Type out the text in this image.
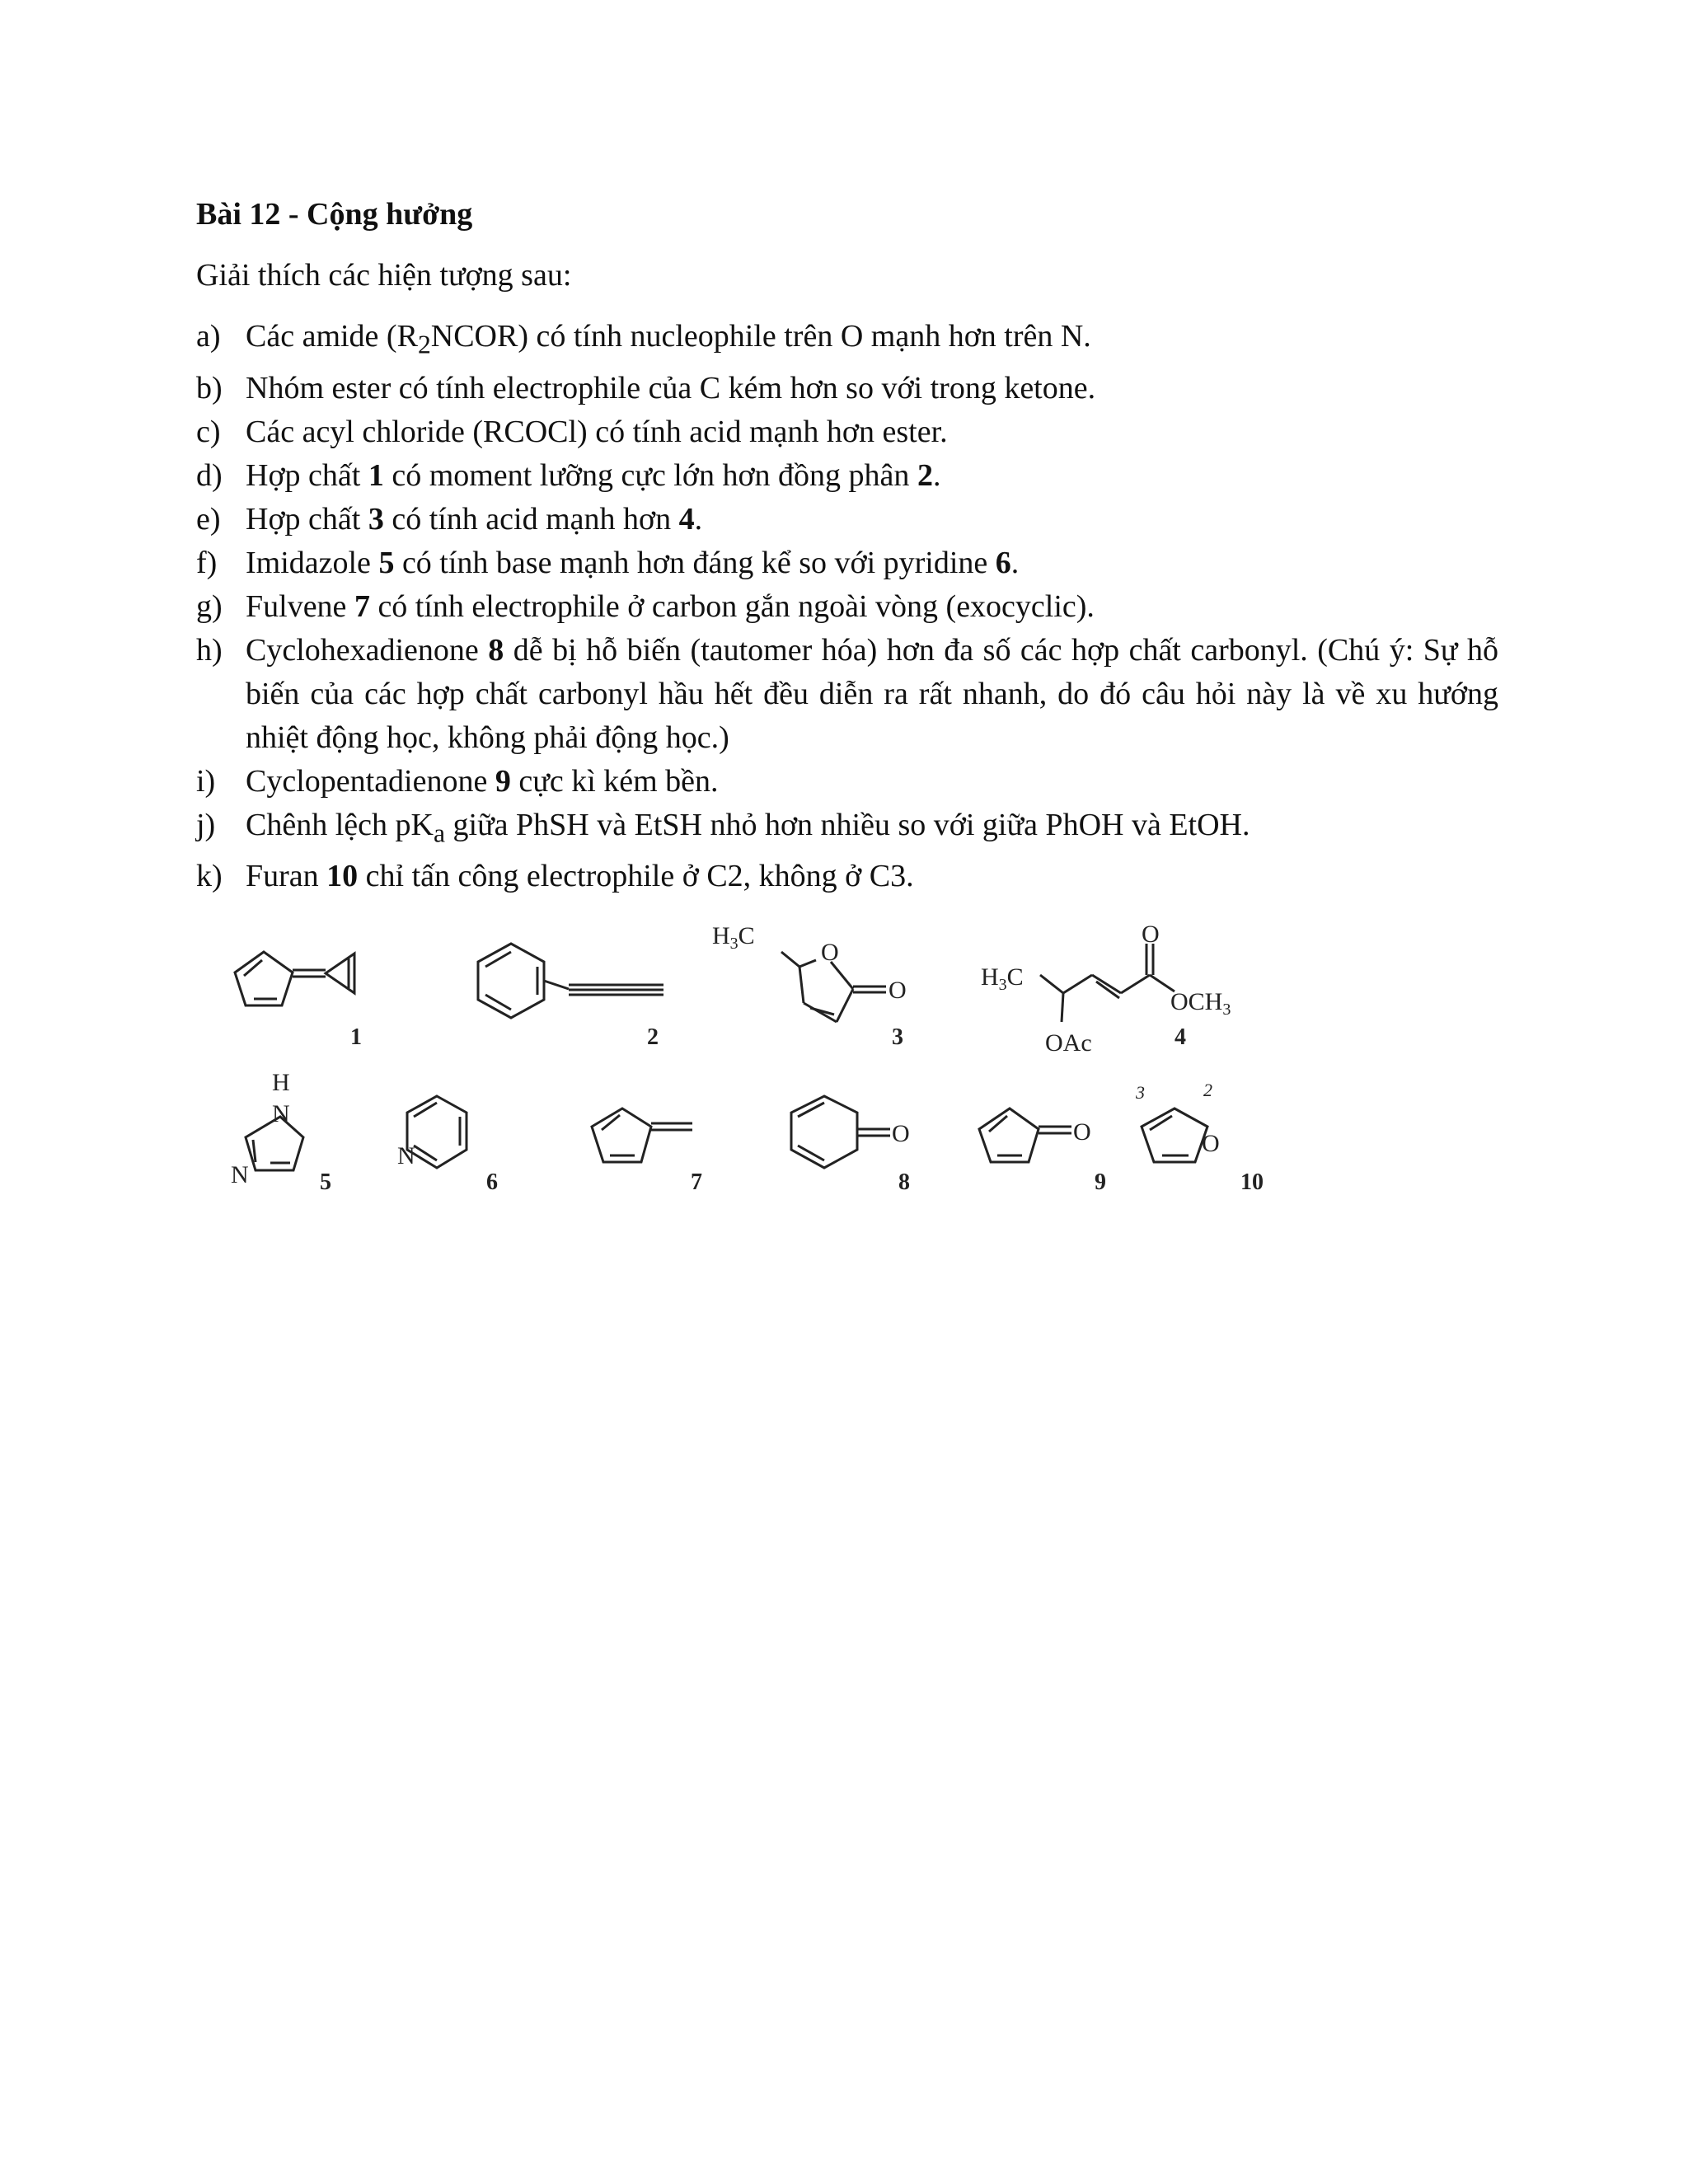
Bài 12 - Cộng hưởng
Giải thích các hiện tượng sau:
a) Các amide $(R_2NCOR)$ có tính nucleophile trên O mạnh hơn trên N.
b) Nhóm ester có tính electrophile của C kém hơn so với trong ketone.
c) Các acyl chloride (RCOCl) có tính acid mạnh hơn ester.
d) Hợp chất 1 có moment lưỡng cực lớn hơn đồng phân 2.
e) Hợp chất 3 có tính acid mạnh hơn 4.
f) Imidazole 5 có tính base mạnh hơn đáng kể so với pyridine 6.
g) Fulvene 7 có tính electrophile ở carbon gắn ngoài vòng (exocyclic).
h) Cyclohexadienone 8 dễ bị hỗ biến (tautomer hóa) hơn đa số các hợp chất carbonyl. (Chú ý: Sự hỗ biến của các hợp chất carbonyl hầu hết đều diễn ra rất nhanh, do đó câu hỏi này là về xu hướng nhiệt động học, không phải động học.)
i) Cyclopentadienone 9 cực kì kém bền.
j) Chênh lệch $pK_a$ giữa PhSH và EtSH nhỏ hơn nhiều so với giữa PhOH và EtOH.
k) Furan 10 chỉ tấn công electrophile ở C2, không ở C3.
$H_3C$
O
O	$H_3C$
O
$OCH_3$
OAc
H
N
N
N
O	O	O
3	2
1	2	3	4
5	6	7	8	9	10
